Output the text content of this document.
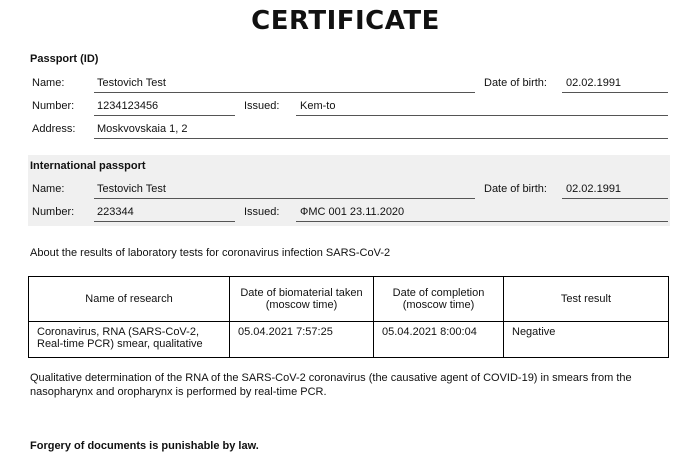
CERTIFICATE
Passport (ID)
Name:	Testovich Test	Date of birth: 02.02.1991
Number: 1234123456	Issued: Kem-to
Address: Moskvovskaia 1, 2
International passport
Name:	Testovich Test	Date of birth: 02.02.1991
Number: 223344	Issued: ФМС 001 23.11.2020
About the results of laboratory tests for coronavirus infection SARS-CoV-2
Name of research	Date of biomaterial taken (moscow time)	Date of completion (moscow time)	Test result
Coronavirus, RNA (SARS-CoV-2, Real-time PCR) smear, qualitative	05.04.2021 7:57:25	05.04.2021 8:00:04	Negative
Qualitative determination of the RNA of the SARS-CoV-2 coronavirus (the causative agent of COVID-19) in smears from the nasopharynx and oropharynx is performed by real-time PCR.
Forgery of documents is punishable by law.
